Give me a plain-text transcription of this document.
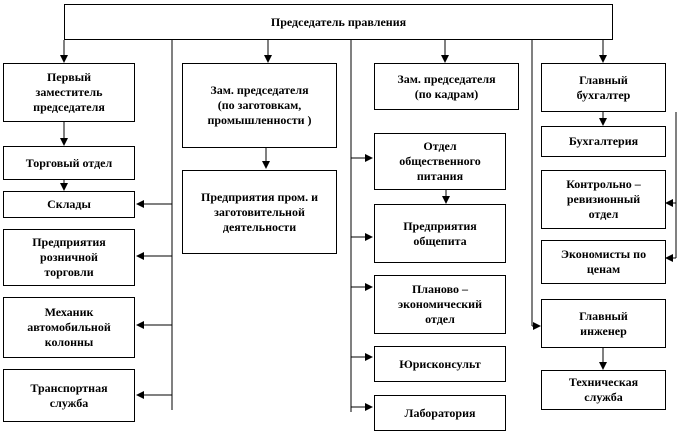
Председатель правления
Первый
заместитель
председателя
Торговый отдел
Склады
Предприятия
розничной
торговли
Механик
автомобильной
колонны
Транспортная
служба
Зам. председателя
(по заготовкам,
промышленности )
Предприятия пром. и
заготовительной
деятельности
Зам. председателя
(по кадрам)
Отдел
общественного
питания
Предприятия
общепита
Планово –
экономический
отдел
Юрисконсульт
Лаборатория
Главный
бухгалтер
Бухгалтерия
Контрольно –
ревизионный
отдел
Экономисты по
ценам
Главный
инженер
Техническая
служба
